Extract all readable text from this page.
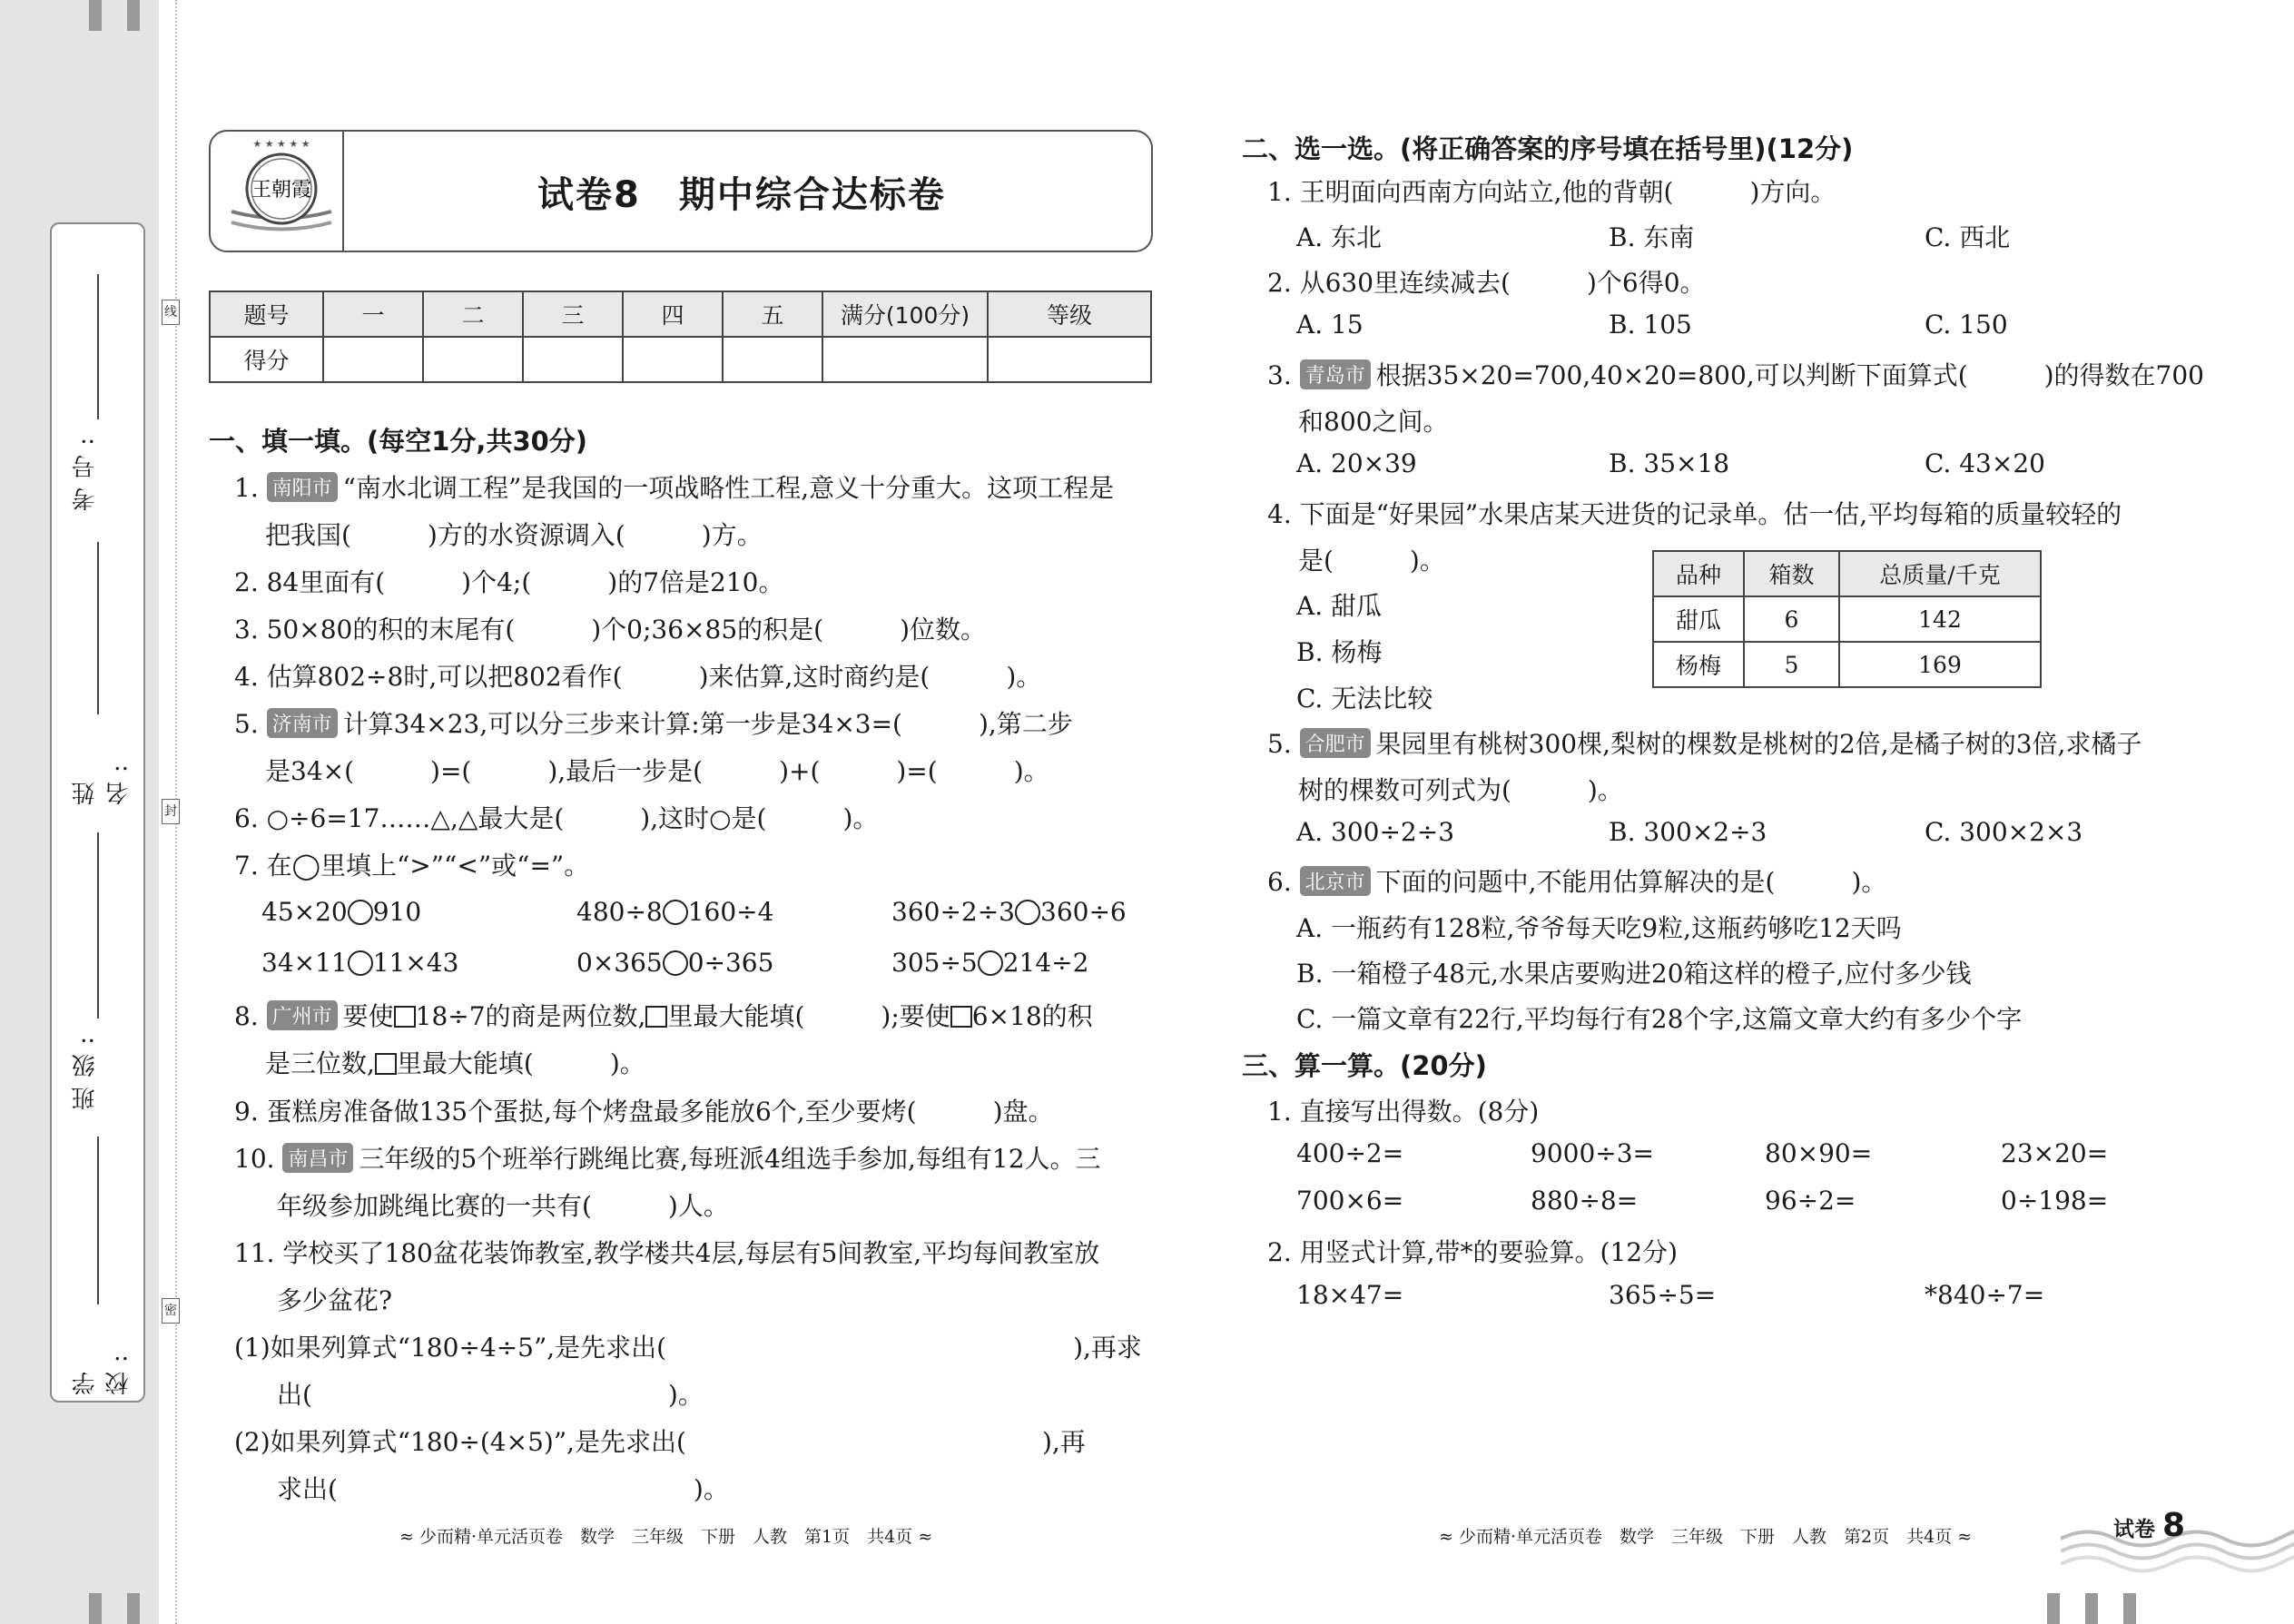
考号:
姓名:
班级:
学校:
线
封
密
★ ★ ★ ★ ★
王朝霞	试卷8　期中综合达标卷
题号	一	二	三	四	五	满分(100分)	等级
得分							
一、填一填。(每空1分,共30分)
1. 南阳市 “南水北调工程”是我国的一项战略性工程,意义十分重大。这项工程是
把我国(　　　)方的水资源调入(　　　)方。
2. 84里面有(　　　)个4;(　　　)的7倍是210。
3. 50×80的积的末尾有(　　　)个0;36×85的积是(　　　)位数。
4. 估算802÷8时,可以把802看作(　　　)来估算,这时商约是(　　　)。
5. 济南市 计算34×23,可以分三步来计算:第一步是34×3=(　　　),第二步
是34×(　　　)=(　　　),最后一步是(　　　)+(　　　)=(　　　)。
6. ○÷6=17……△,△最大是(　　　),这时○是(　　　)。
7. 在◯里填上“>”“<”或“=”。
45×20 910	480÷8 160÷4	360÷2÷3 360÷6
34×11 11×43	0×365 0÷365	305÷5 214÷2
8. 广州市 要使 18÷7的商是两位数, 里最大能填(　　　);要使 6×18的积
是三位数, 里最大能填(　　　)。
9. 蛋糕房准备做135个蛋挞,每个烤盘最多能放6个,至少要烤(　　　)盘。
10. 南昌市 三年级的5个班举行跳绳比赛,每班派4组选手参加,每组有12人。三
年级参加跳绳比赛的一共有(　　　)人。
11. 学校买了180盆花装饰教室,教学楼共4层,每层有5间教室,平均每间教室放
多少盆花?
(1)如果列算式“180÷4÷5”,是先求出(　　　　　　　　　　　　　　　　),再求
出(　　　　　　　　　　　　　　)。
(2)如果列算式“180÷(4×5)”,是先求出(　　　　　　　　　　　　　　),再
求出(　　　　　　　　　　　　　　)。
≈ 少而精·单元活页卷　数学　三年级　下册　人教　第1页　共4页 ≈
二、选一选。(将正确答案的序号填在括号里)(12分)
1. 王明面向西南方向站立,他的背朝(　　　)方向。
A. 东北	B. 东南	C. 西北
2. 从630里连续减去(　　　)个6得0。
A. 15	B. 105	C. 150
3. 青岛市 根据35×20=700,40×20=800,可以判断下面算式(　　　)的得数在700
和800之间。
A. 20×39	B. 35×18	C. 43×20
4. 下面是“好果园”水果店某天进货的记录单。估一估,平均每箱的质量较轻的
是(　　　)。
A. 甜瓜
B. 杨梅
C. 无法比较
品种	箱数	总质量/千克
甜瓜	6	142
杨梅	5	169
5. 合肥市 果园里有桃树300棵,梨树的棵数是桃树的2倍,是橘子树的3倍,求橘子
树的棵数可列式为(　　　)。
A. 300÷2÷3	B. 300×2÷3	C. 300×2×3
6. 北京市 下面的问题中,不能用估算解决的是(　　　)。
A. 一瓶药有128粒,爷爷每天吃9粒,这瓶药够吃12天吗
B. 一箱橙子48元,水果店要购进20箱这样的橙子,应付多少钱
C. 一篇文章有22行,平均每行有28个字,这篇文章大约有多少个字
三、算一算。(20分)
1. 直接写出得数。(8分)
400÷2=	9000÷3=	80×90=	23×20=
700×6=	880÷8=	96÷2=	0÷198=
2. 用竖式计算,带*的要验算。(12分)
18×47=	365÷5=	*840÷7=
≈ 少而精·单元活页卷　数学　三年级　下册　人教　第2页　共4页 ≈	试卷 8
